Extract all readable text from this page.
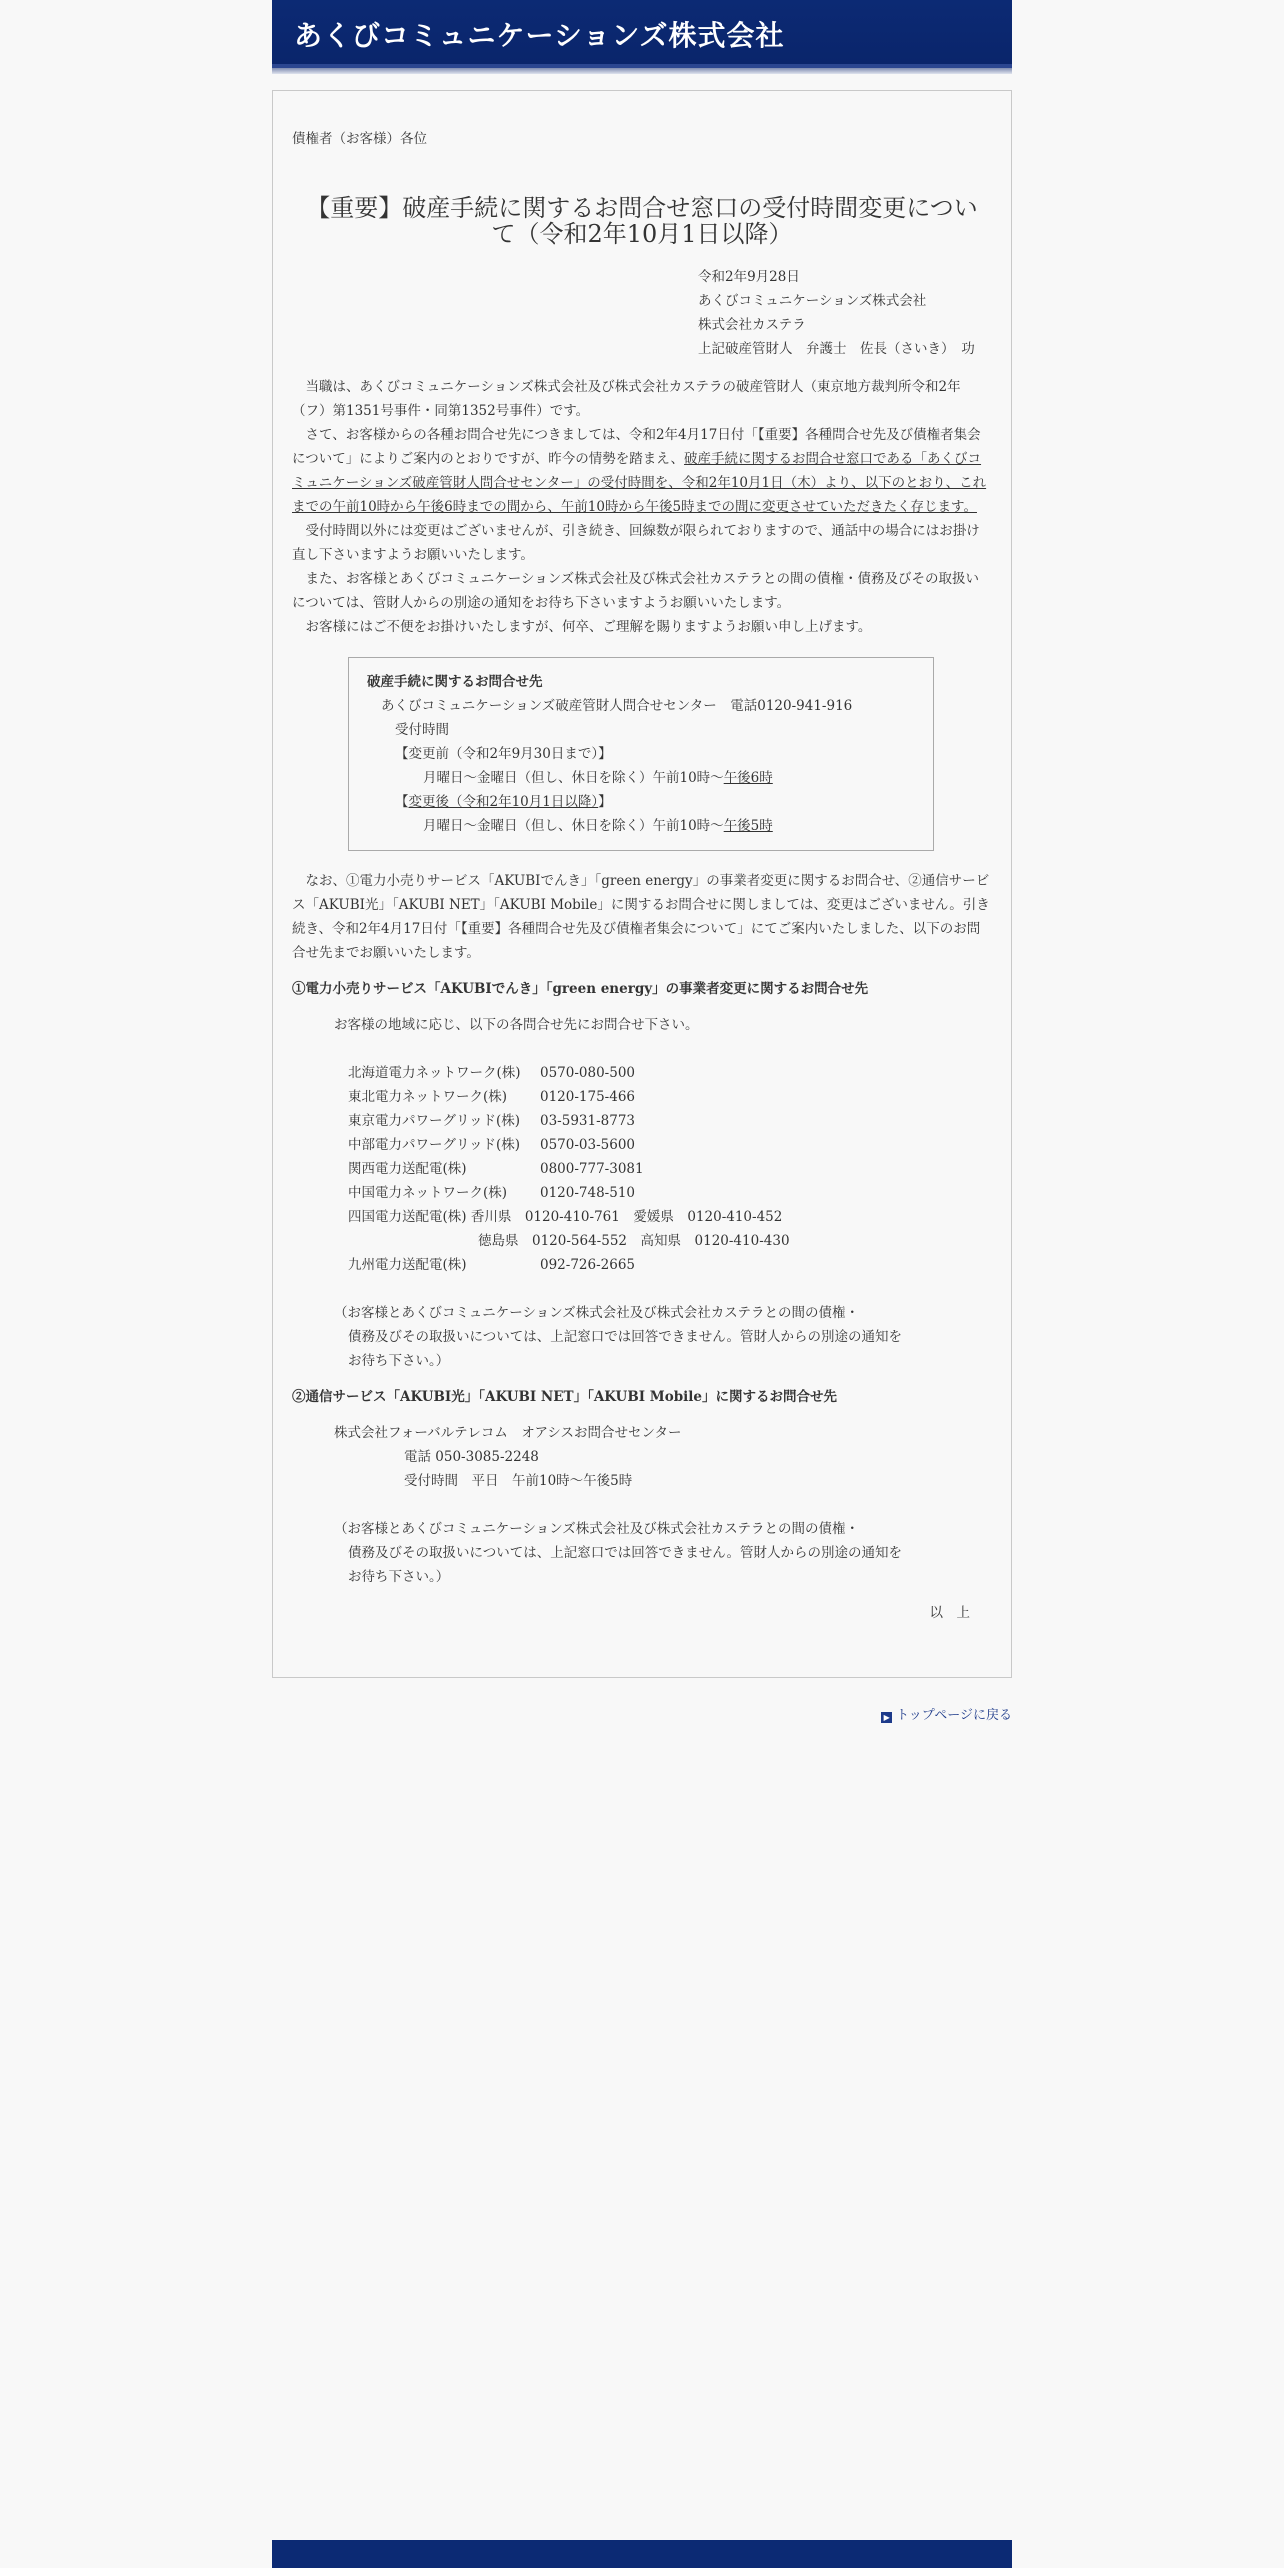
あくびコミュニケーションズ株式会社
債権者（お客様）各位
【重要】破産手続に関するお問合せ窓口の受付時間変更について（令和2年10月1日以降）
令和2年9月28日
あくびコミュニケーションズ株式会社
株式会社カステラ
上記破産管財人　弁護士　佐長（さいき）　功

当職は、あくびコミュニケーションズ株式会社及び株式会社カステラの破産管財人（東京地方裁判所令和2年（フ）第1351号事件・同第1352号事件）です。

さて、お客様からの各種お問合せ先につきましては、令和2年4月17日付「【重要】各種問合せ先及び債権者集会について」によりご案内のとおりですが、昨今の情勢を踏まえ、破産手続に関するお問合せ窓口である「あくびコミュニケーションズ破産管財人問合せセンター」の受付時間を、令和2年10月1日（木）より、以下のとおり、これまでの午前10時から午後6時までの間から、午前10時から午後5時までの間に変更させていただきたく存じます。

受付時間以外には変更はございませんが、引き続き、回線数が限られておりますので、通話中の場合にはお掛け直し下さいますようお願いいたします。

また、お客様とあくびコミュニケーションズ株式会社及び株式会社カステラとの間の債権・債務及びその取扱いについては、管財人からの別途の通知をお待ち下さいますようお願いいたします。

お客様にはご不便をお掛けいたしますが、何卒、ご理解を賜りますようお願い申し上げます。

破産手続に関するお問合せ先
あくびコミュニケーションズ破産管財人問合せセンター　電話0120-941-916
受付時間
【変更前（令和2年9月30日まで）】
月曜日～金曜日（但し、休日を除く）午前10時～午後6時
【変更後（令和2年10月1日以降）】
月曜日～金曜日（但し、休日を除く）午前10時～午後5時

なお、①電力小売りサービス「AKUBIでんき」「green energy」の事業者変更に関するお問合せ、②通信サービス「AKUBI光」「AKUBI NET」「AKUBI Mobile」に関するお問合せに関しましては、変更はございません。引き続き、令和2年4月17日付「【重要】各種問合せ先及び債権者集会について」にてご案内いたしました、以下のお問合せ先までお願いいたします。

①電力小売りサービス「AKUBIでんき」「green energy」の事業者変更に関するお問合せ先
お客様の地域に応じ、以下の各問合せ先にお問合せ下さい。
北海道電力ネットワーク(株)	0570-080-500
東北電力ネットワーク(株)	0120-175-466
東京電力パワーグリッド(株)	03-5931-8773
中部電力パワーグリッド(株)	0570-03-5600
関西電力送配電(株)	0800-777-3081
中国電力ネットワーク(株)	0120-748-510
四国電力送配電(株) 香川県　0120-410-761　愛媛県　0120-410-452
徳島県　0120-564-552　高知県　0120-410-430
九州電力送配電(株)	092-726-2665
（お客様とあくびコミュニケーションズ株式会社及び株式会社カステラとの間の債権・
債務及びその取扱いについては、上記窓口では回答できません。管財人からの別途の通知を
お待ち下さい。）
②通信サービス「AKUBI光」「AKUBI NET」「AKUBI Mobile」に関するお問合せ先
株式会社フォーバルテレコム　オアシスお問合せセンター
電話 050-3085-2248
受付時間　平日　午前10時～午後5時
（お客様とあくびコミュニケーションズ株式会社及び株式会社カステラとの間の債権・
債務及びその取扱いについては、上記窓口では回答できません。管財人からの別途の通知を
お待ち下さい。）
以　上
▶ トップページに戻る
